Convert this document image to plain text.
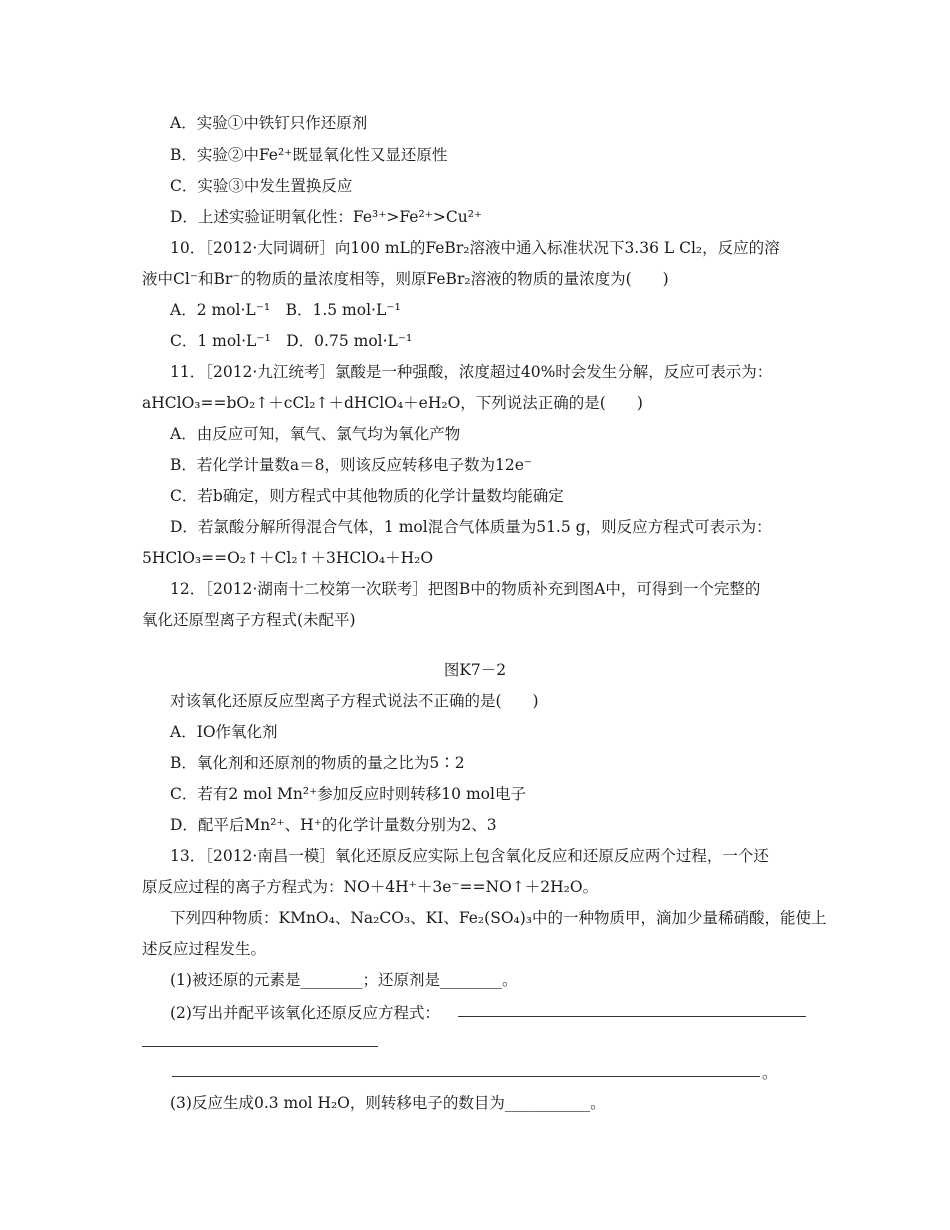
A．实验①中铁钉只作还原剂
B．实验②中Fe²⁺既显氧化性又显还原性
C．实验③中发生置换反应
D．上述实验证明氧化性：Fe³⁺>Fe²⁺>Cu²⁺
10．［2012·大同调研］向100 mL的FeBr₂溶液中通入标准状况下3.36 L Cl₂，反应的溶
液中Cl⁻和Br⁻的物质的量浓度相等，则原FeBr₂溶液的物质的量浓度为(　　)
A．2 mol·L⁻¹　B．1.5 mol·L⁻¹
C．1 mol·L⁻¹　D．0.75 mol·L⁻¹
11．［2012·九江统考］氯酸是一种强酸，浓度超过40%时会发生分解，反应可表示为：
aHClO₃==bO₂↑＋cCl₂↑＋dHClO₄＋eH₂O，下列说法正确的是(　　)
A．由反应可知，氧气、氯气均为氧化产物
B．若化学计量数a＝8，则该反应转移电子数为12e⁻
C．若b确定，则方程式中其他物质的化学计量数均能确定
D．若氯酸分解所得混合气体，1 mol混合气体质量为51.5 g，则反应方程式可表示为：
5HClO₃==O₂↑＋Cl₂↑＋3HClO₄＋H₂O
12．［2012·湖南十二校第一次联考］把图B中的物质补充到图A中，可得到一个完整的
氧化还原型离子方程式(未配平)
图K7－2
对该氧化还原反应型离子方程式说法不正确的是(　　)
A．IO作氧化剂
B．氧化剂和还原剂的物质的量之比为5∶2
C．若有2 mol Mn²⁺参加反应时则转移10 mol电子
D．配平后Mn²⁺、H⁺的化学计量数分别为2、3
13．［2012·南昌一模］氧化还原反应实际上包含氧化反应和还原反应两个过程，一个还
原反应过程的离子方程式为：NO＋4H⁺＋3e⁻==NO↑＋2H₂O。
下列四种物质：KMnO₄、Na₂CO₃、KI、Fe₂(SO₄)₃中的一种物质甲，滴加少量稀硝酸，能使上
述反应过程发生。
(1)被还原的元素是________；还原剂是________。
(2)写出并配平该氧化还原反应方程式：
。
(3)反应生成0.3 mol H₂O，则转移电子的数目为___________。
